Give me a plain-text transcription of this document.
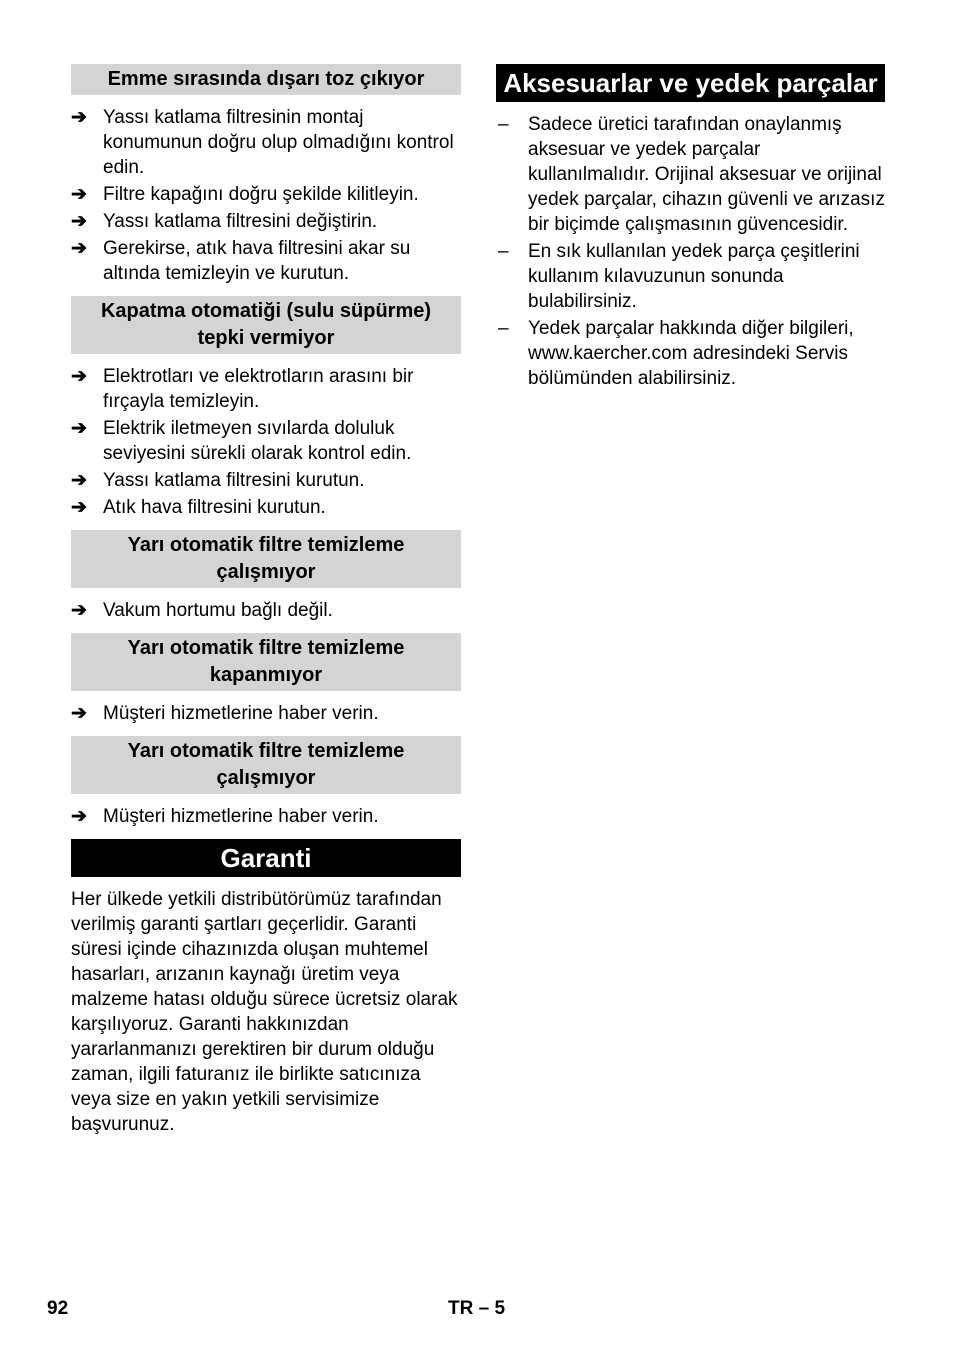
Emme sırasında dışarı toz çıkıyor
➔ Yassı katlama filtresinin montaj konumunun doğru olup olmadığını kontrol edin.
➔ Filtre kapağını doğru şekilde kilitleyin.
➔ Yassı katlama filtresini değiştirin.
➔ Gerekirse, atık hava filtresini akar su altında temizleyin ve kurutun.
Kapatma otomatiği (sulu süpürme) tepki vermiyor
➔ Elektrotları ve elektrotların arasını bir fırçayla temizleyin.
➔ Elektrik iletmeyen sıvılarda doluluk seviyesini sürekli olarak kontrol edin.
➔ Yassı katlama filtresini kurutun.
➔ Atık hava filtresini kurutun.
Yarı otomatik filtre temizleme çalışmıyor
➔ Vakum hortumu bağlı değil.
Yarı otomatik filtre temizleme kapanmıyor
➔ Müşteri hizmetlerine haber verin.
Yarı otomatik filtre temizleme çalışmıyor
➔ Müşteri hizmetlerine haber verin.
Garanti

Her ülkede yetkili distribütörümüz tarafından verilmiş garanti şartları geçerlidir. Garanti süresi içinde cihazınızda oluşan muhtemel hasarları, arızanın kaynağı üretim veya malzeme hatası olduğu sürece ücretsiz olarak karşılıyoruz. Garanti hakkınızdan yararlanmanızı gerektiren bir durum olduğu zaman, ilgili faturanız ile birlikte satıcınıza veya size en yakın yetkili servisimize başvurunuz.

Aksesuarlar ve yedek parçalar
– Sadece üretici tarafından onaylanmış aksesuar ve yedek parçalar kullanılmalıdır. Orijinal aksesuar ve orijinal yedek parçalar, cihazın güvenli ve arızasız bir biçimde çalışmasının güvencesidir.
– En sık kullanılan yedek parça çeşitlerini kullanım kılavuzunun sonunda bulabilirsiniz.
– Yedek parçalar hakkında diğer bilgileri, www.kaercher.com adresindeki Servis bölümünden alabilirsiniz.
92	TR – 5
